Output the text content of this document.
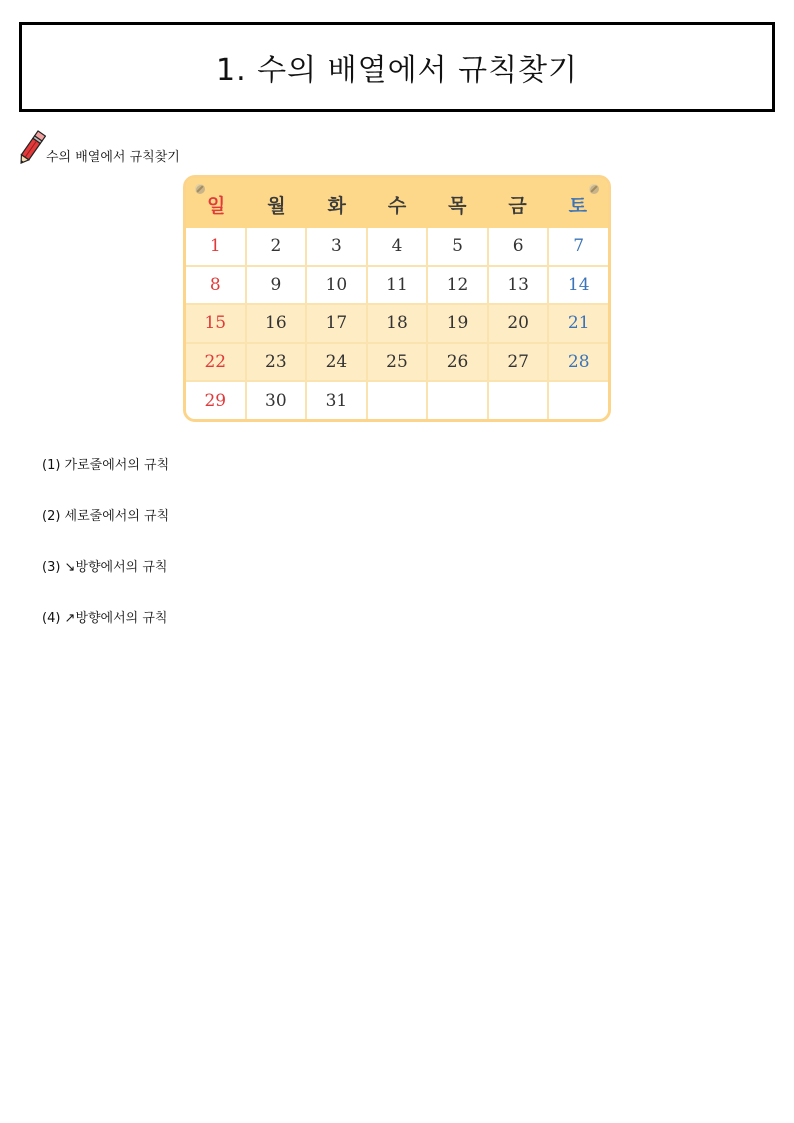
1. 수의 배열에서 규칙찾기
수의 배열에서 규칙찾기
일	월	화	수	목	금	토
1	2	3	4	5	6	7
8	9	10	11	12	13	14
15	16	17	18	19	20	21
22	23	24	25	26	27	28
29	30	31
(1) 가로줄에서의 규칙
(2) 세로줄에서의 규칙
(3) ↘방향에서의 규칙
(4) ↗방향에서의 규칙
